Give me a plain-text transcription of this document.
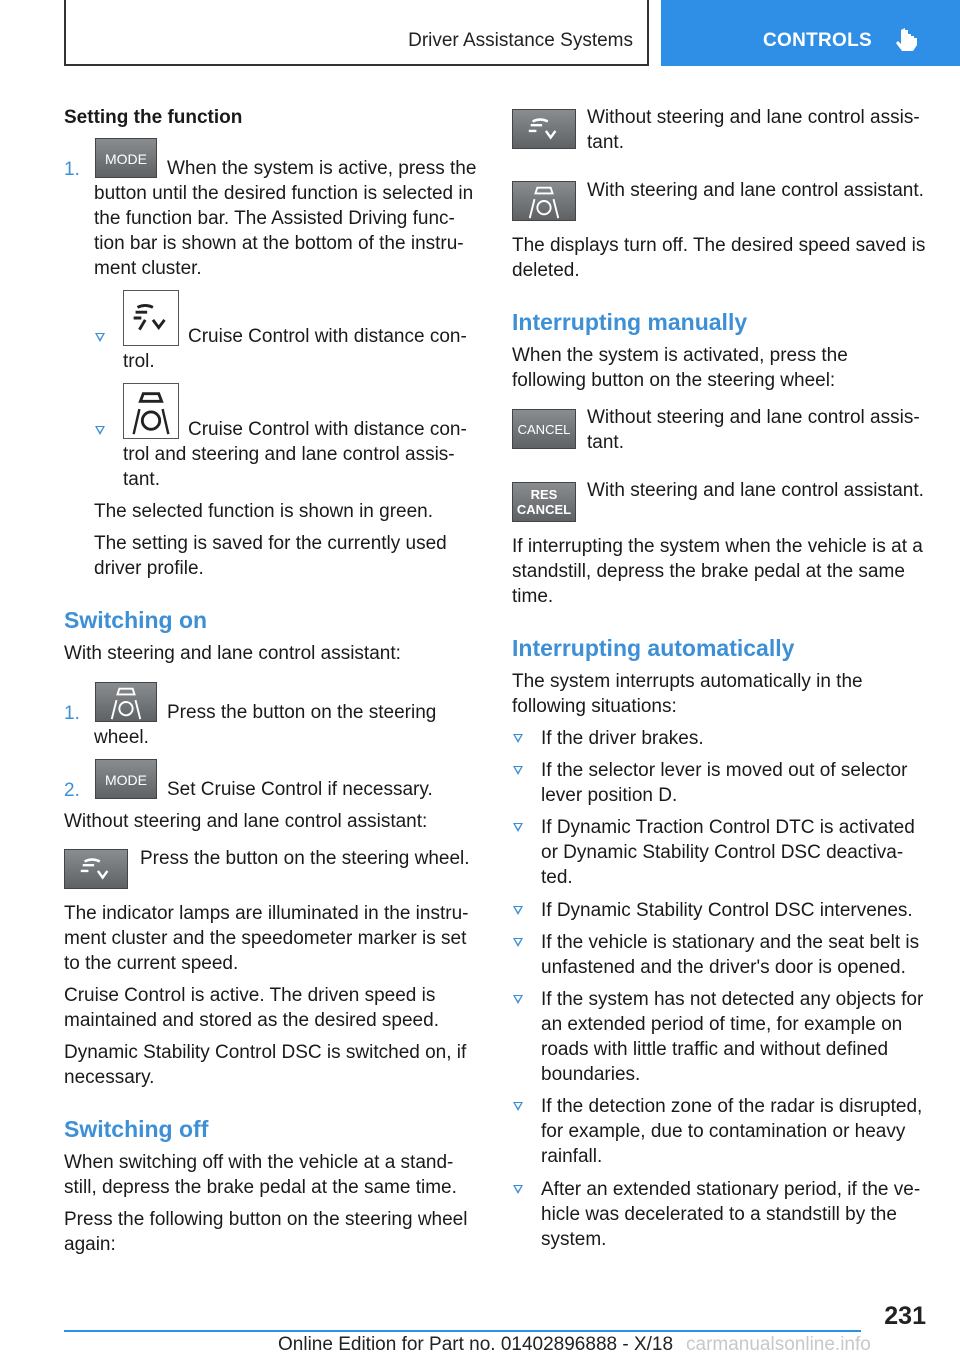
Driver Assistance Systems	CONTROLS
Setting the function
1.	MODE	When the system is active, press the
button until the desired function is selected in
the function bar. The Assisted Driving func-
tion bar is shown at the bottom of the instru-
ment cluster.
Cruise Control with distance con-
trol.
Cruise Control with distance con-
trol and steering and lane control assis-
tant.
The selected function is shown in green.
The setting is saved for the currently used
driver profile.
Switching on
With steering and lane control assistant:
1.	Press the button on the steering
wheel.
2.	MODE	Set Cruise Control if necessary.
Without steering and lane control assistant:
Press the button on the steering wheel.
The indicator lamps are illuminated in the instru-
ment cluster and the speedometer marker is set
to the current speed.
Cruise Control is active. The driven speed is
maintained and stored as the desired speed.
Dynamic Stability Control DSC is switched on, if
necessary.
Switching off
When switching off with the vehicle at a stand-
still, depress the brake pedal at the same time.
Press the following button on the steering wheel
again:
Without steering and lane control assis-
tant.
With steering and lane control assistant.
The displays turn off. The desired speed saved is
deleted.
Interrupting manually
When the system is activated, press the
following button on the steering wheel:
CANCEL
Without steering and lane control assis-
tant.
RES
CANCEL
With steering and lane control assistant.
If interrupting the system when the vehicle is at a
standstill, depress the brake pedal at the same
time.
Interrupting automatically
The system interrupts automatically in the
following situations:
If the driver brakes.
If the selector lever is moved out of selector
lever position D.
If Dynamic Traction Control DTC is activated
or Dynamic Stability Control DSC deactiva-
ted.
If Dynamic Stability Control DSC intervenes.
If the vehicle is stationary and the seat belt is
unfastened and the driver's door is opened.
If the system has not detected any objects for
an extended period of time, for example on
roads with little traffic and without defined
boundaries.
If the detection zone of the radar is disrupted,
for example, due to contamination or heavy
rainfall.
After an extended stationary period, if the ve-
hicle was decelerated to a standstill by the
system.
231
Online Edition for Part no. 01402896888 - X/18 carmanualsonline.info
